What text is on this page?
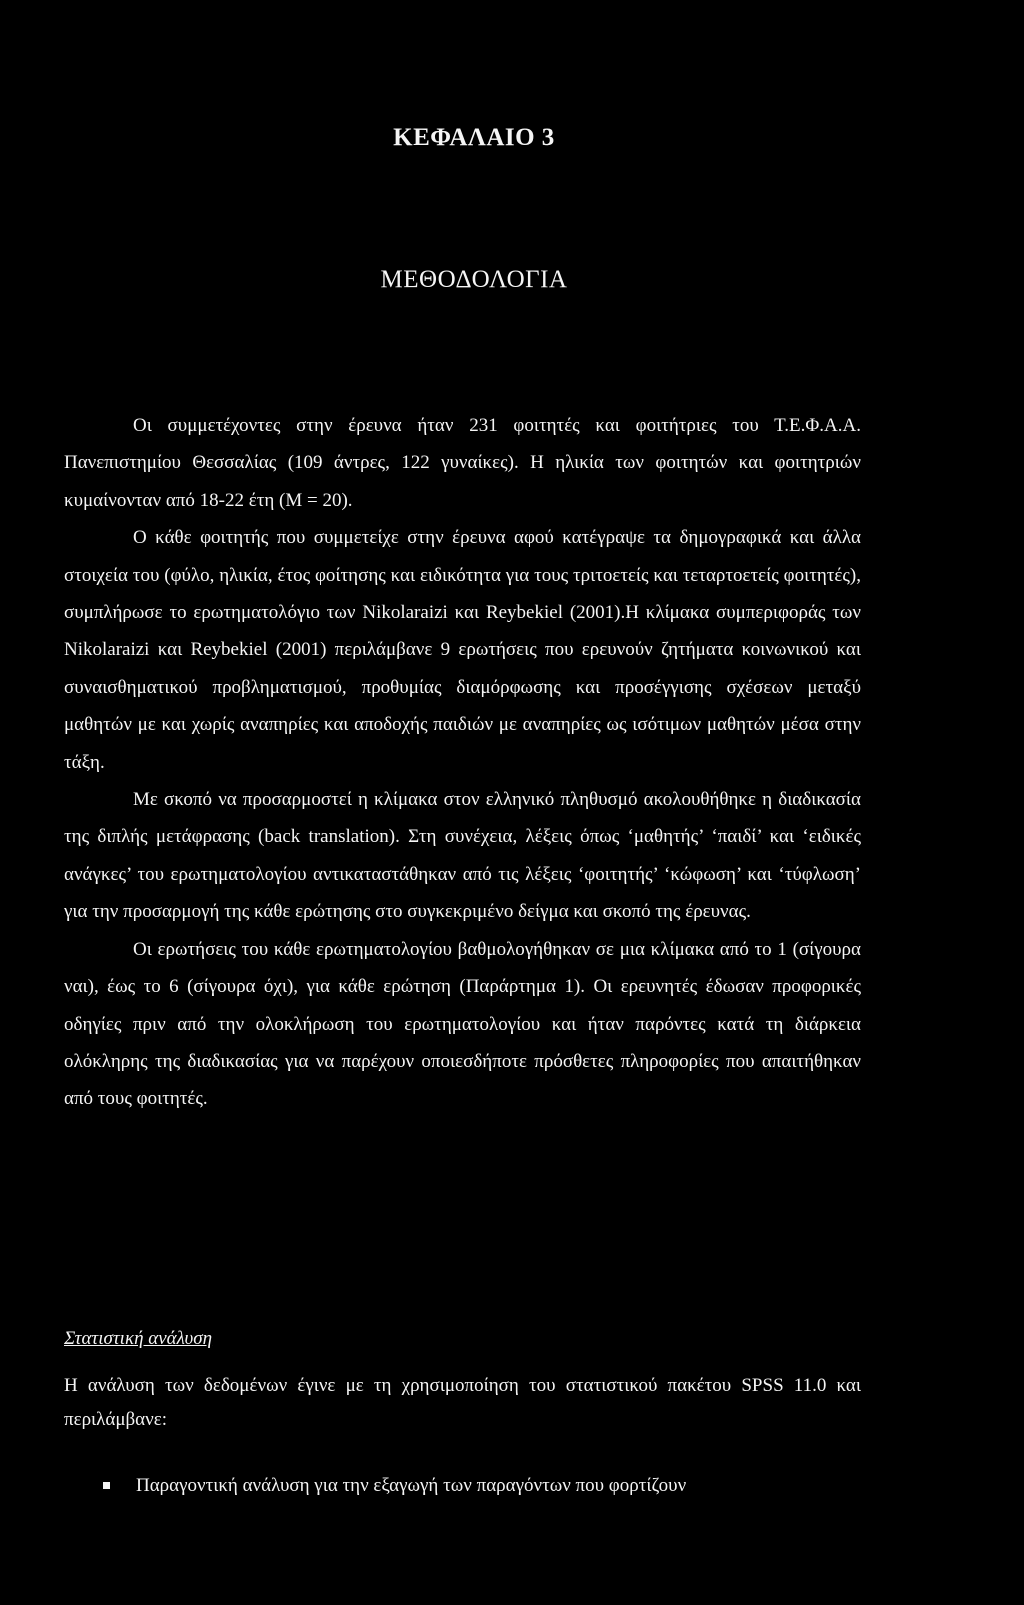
ΚΕΦΑΛΑΙΟ 3
ΜΕΘΟΔΟΛΟΓΙΑ

Οι συμμετέχοντες στην έρευνα ήταν 231 φοιτητές και φοιτήτριες του Τ.Ε.Φ.Α.Α. Πανεπιστημίου Θεσσαλίας (109 άντρες, 122 γυναίκες). Η ηλικία των φοιτητών και φοιτητριών κυμαίνονταν από 18-22 έτη (Μ = 20).

Ο κάθε φοιτητής που συμμετείχε στην έρευνα αφού κατέγραψε τα δημογραφικά και άλλα στοιχεία του (φύλο, ηλικία, έτος φοίτησης και ειδικότητα για τους τριτοετείς και τεταρτοετείς φοιτητές), συμπλήρωσε το ερωτηματολόγιο των Nikolaraizi και Reybekiel (2001).Η κλίμακα συμπεριφοράς των Nikolaraizi και Reybekiel (2001) περιλάμβανε 9 ερωτήσεις που ερευνούν ζητήματα κοινωνικού και συναισθηματικού προβληματισμού, προθυμίας διαμόρφωσης και προσέγγισης σχέσεων μεταξύ μαθητών με και χωρίς αναπηρίες και αποδοχής παιδιών με αναπηρίες ως ισότιμων μαθητών μέσα στην τάξη.

Με σκοπό να προσαρμοστεί η κλίμακα στον ελληνικό πληθυσμό ακολουθήθηκε η διαδικασία της διπλής μετάφρασης (back translation). Στη συνέχεια, λέξεις όπως ‘μαθητής’ ‘παιδί’ και ‘ειδικές ανάγκες’ του ερωτηματολογίου αντικαταστάθηκαν από τις λέξεις ‘φοιτητής’ ‘κώφωση’ και ‘τύφλωση’ για την προσαρμογή της κάθε ερώτησης στο συγκεκριμένο δείγμα και σκοπό της έρευνας.

Οι ερωτήσεις του κάθε ερωτηματολογίου βαθμολογήθηκαν σε μια κλίμακα από το 1 (σίγουρα ναι), έως το 6 (σίγουρα όχι), για κάθε ερώτηση (Παράρτημα 1). Οι ερευνητές έδωσαν προφορικές οδηγίες πριν από την ολοκλήρωση του ερωτηματολογίου και ήταν παρόντες κατά τη διάρκεια ολόκληρης της διαδικασίας για να παρέχουν οποιεσδήποτε πρόσθετες πληροφορίες που απαιτήθηκαν από τους φοιτητές.

Στατιστική ανάλυση

Η ανάλυση των δεδομένων έγινε με τη χρησιμοποίηση του στατιστικού πακέτου SPSS 11.0 και περιλάμβανε:

Παραγοντική ανάλυση για την εξαγωγή των παραγόντων που φορτίζουν
